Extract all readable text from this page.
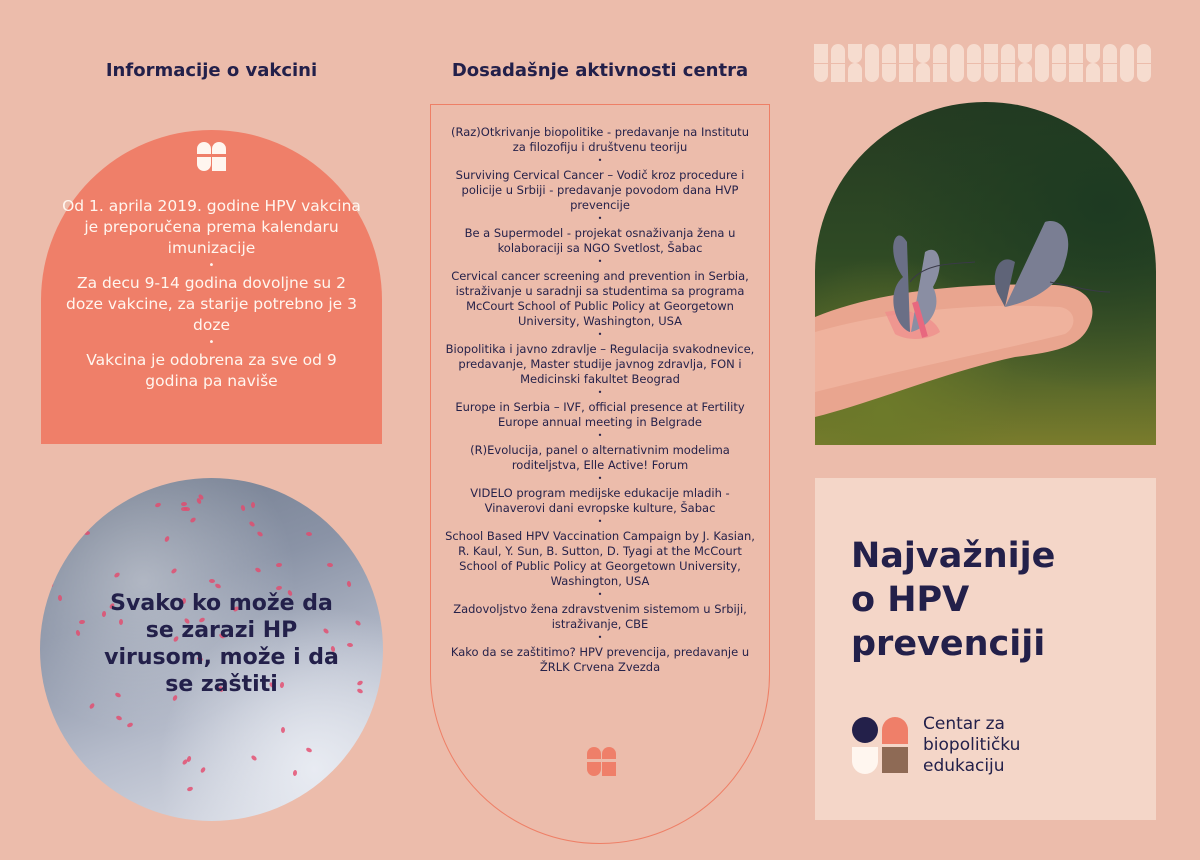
Informacije o vakcini

Od 1. aprila 2019. godine HPV vakcina je preporučena prema kalendaru imunizacije

•

Za decu 9-14 godina dovoljne su 2 doze vakcine, za starije potrebno je 3 doze

•

Vakcina je odobrena za sve od 9 godina pa naviše

Svako ko može da se zarazi HP virusom, može i da se zaštiti
Dosadašnje aktivnosti centra

(Raz)Otkrivanje biopolitike - predavanje na Institutu za filozofiju i društvenu teoriju

•

Surviving Cervical Cancer – Vodič kroz procedure i policije u Srbiji - predavanje povodom dana HVP prevencije

•

Be a Supermodel - projekat osnaživanja žena u kolaboraciji sa NGO Svetlost, Šabac

•

Cervical cancer screening and prevention in Serbia, istraživanje u saradnji sa studentima sa programa McCourt School of Public Policy at Georgetown University, Washington, USA

•

Biopolitika i javno zdravlje – Regulacija svakodnevice, predavanje, Master studije javnog zdravlja, FON i Medicinski fakultet Beograd

•

Europe in Serbia – IVF, official presence at Fertility Europe annual meeting in Belgrade

•

(R)Evolucija, panel o alternativnim modelima roditeljstva, Elle Active! Forum

•

VIDELO program medijske edukacije mladih - Vinaverovi dani evropske kulture, Šabac

•

School Based HPV Vaccination Campaign by J. Kasian, R. Kaul, Y. Sun, B. Sutton, D. Tyagi at the McCourt School of Public Policy at Georgetown University, Washington, USA

•

Zadovoljstvo žena zdravstvenim sistemom u Srbiji, istraživanje, CBE

•

Kako da se zaštitimo? HPV prevencija, predavanje u ŽRLK Crvena Zvezda

Najvažnije
o HPV
prevenciji
Centar za
biopolitičku
edukaciju
